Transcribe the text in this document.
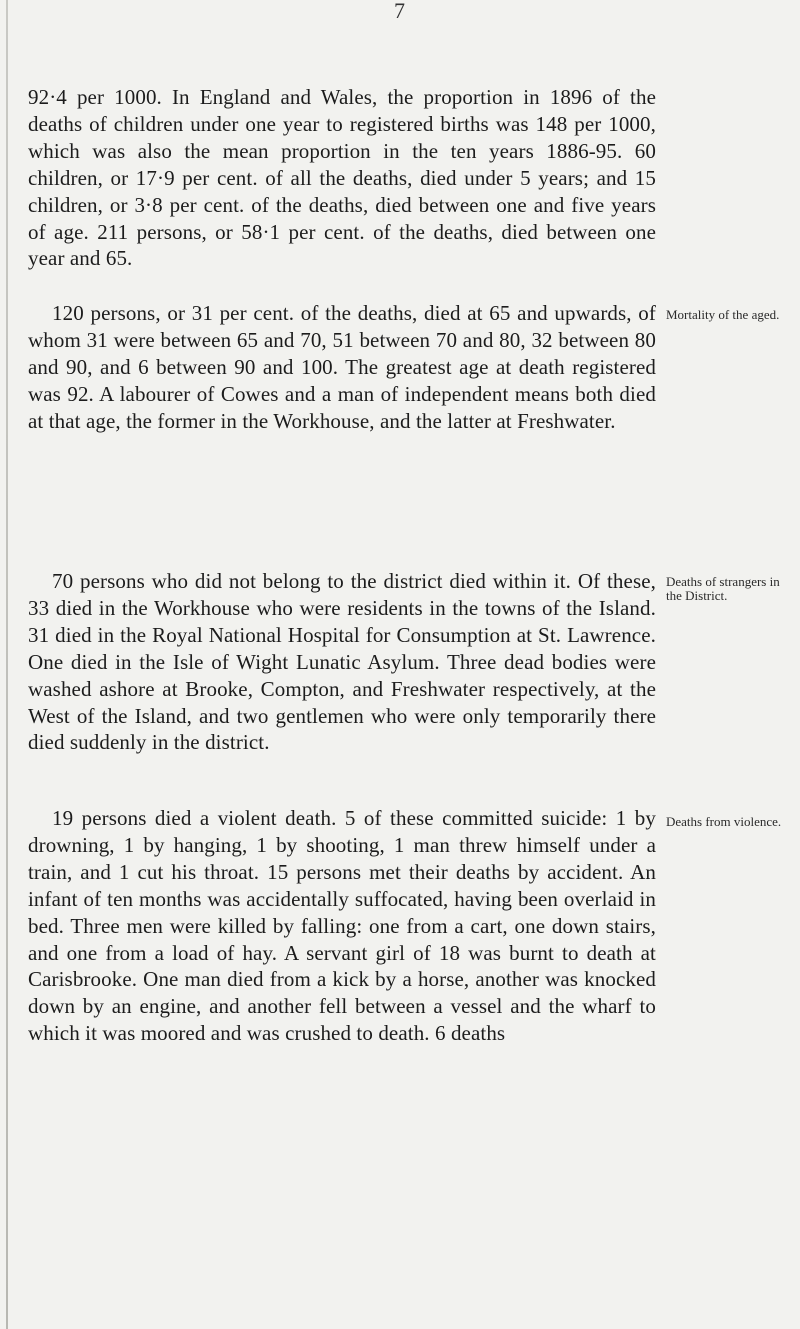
7

92·4 per 1000. In England and Wales, the proportion in 1896 of the deaths of children under one year to registered births was 148 per 1000, which was also the mean proportion in the ten years 1886-95. 60 children, or 17·9 per cent. of all the deaths, died under 5 years; and 15 children, or 3·8 per cent. of the deaths, died between one and five years of age. 211 persons, or 58·1 per cent. of the deaths, died between one year and 65.

120 persons, or 31 per cent. of the deaths, died at 65 and upwards, of whom 31 were between 65 and 70, 51 between 70 and 80, 32 between 80 and 90, and 6 between 90 and 100. The greatest age at death registered was 92. A labourer of Cowes and a man of independent means both died at that age, the former in the Workhouse, and the latter at Freshwater.

Mortality of the aged.

70 persons who did not belong to the district died within it. Of these, 33 died in the Workhouse who were residents in the towns of the Island. 31 died in the Royal National Hospital for Consumption at St. Lawrence. One died in the Isle of Wight Lunatic Asylum. Three dead bodies were washed ashore at Brooke, Compton, and Freshwater respectively, at the West of the Island, and two gentlemen who were only temporarily there died suddenly in the district.

Deaths of strangers in the District.

19 persons died a violent death. 5 of these committed suicide: 1 by drowning, 1 by hanging, 1 by shooting, 1 man threw himself under a train, and 1 cut his throat. 15 persons met their deaths by accident. An infant of ten months was accidentally suffocated, having been overlaid in bed. Three men were killed by falling: one from a cart, one down stairs, and one from a load of hay. A servant girl of 18 was burnt to death at Carisbrooke. One man died from a kick by a horse, another was knocked down by an engine, and another fell between a vessel and the wharf to which it was moored and was crushed to death. 6 deaths

Deaths from violence.
